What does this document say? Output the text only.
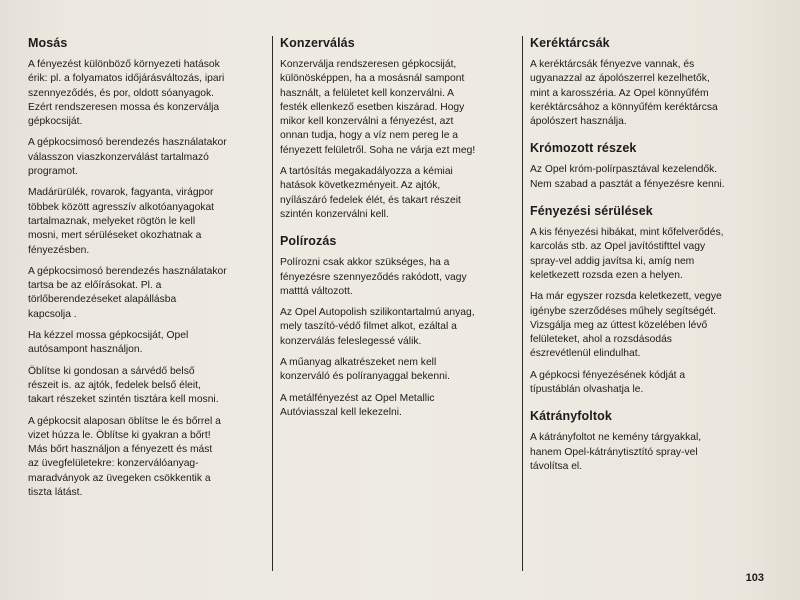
Mosás

A fényezést különböző környezeti hatások
érik: pl. a folyamatos időjárásváltozás, ipari
szennyeződés, és por, oldott sóanyagok.
Ezért rendszeresen mossa és konzerválja
gépkocsiját.

A gépkocsimosó berendezés használatakor
válasszon viaszkonzerválást tartalmazó
programot.

Madárürülék, rovarok, fagyanta, virágpor
többek között agresszív alkotóanyagokat
tartalmaznak, melyeket rögtön le kell
mosni, mert sérüléseket okozhatnak a
fényezésben.

A gépkocsimosó berendezés használatakor
tartsa be az előírásokat. Pl. a
törlőberendezéseket alapállásba
kapcsolja .

Ha kézzel mossa gépkocsiját, Opel
autósampont használjon.

Öblítse ki gondosan a sárvédő belső
részeit is. az ajtók, fedelek belső éleit,
takart részeket szintén tisztára kell mosni.

A gépkocsit alaposan öblítse le és bőrrel a
vizet húzza le. Öblítse ki gyakran a bőrt!
Más bőrt használjon a fényezett és mást
az üvegfelületekre: konzerválóanyag-
maradványok az üvegeken csökkentik a
tiszta látást.

Konzerválás

Konzerválja rendszeresen gépkocsiját,
különösképpen, ha a mosásnál sampont
használt, a felületet kell konzerválni. A
festék ellenkező esetben kiszárad. Hogy
mikor kell konzerválni a fényezést, azt
onnan tudja, hogy a víz nem pereg le a
fényezett felületről. Soha ne várja ezt meg!

A tartósítás megakadályozza a kémiai
hatások következményeit. Az ajtók,
nyílászáró fedelek élét, és takart részeit
szintén konzerválni kell.

Polírozás

Polírozni csak akkor szükséges, ha a
fényezésre szennyeződés rakódott, vagy
matttá változott.

Az Opel Autopolish szilikontartalmú anyag,
mely taszító-védő filmet alkot, ezáltal a
konzerválás feleslegessé válik.

A műanyag alkatrészeket nem kell
konzerváló és políranyaggal bekenni.

A metálfényezést az Opel Metallic
Autóviasszal kell lekezelni.

Keréktárcsák

A keréktárcsák fényezve vannak, és
ugyanazzal az ápolószerrel kezelhetők,
mint a karosszéria. Az Opel könnyűfém
keréktárcsához a könnyűfém keréktárcsa
ápolószert használja.

Krómozott részek

Az Opel króm-polírpasztával kezelendők.
Nem szabad a pasztát a fényezésre kenni.

Fényezési sérülések

A kis fényezési hibákat, mint kőfelverődés,
karcolás stb. az Opel javítóstifttel vagy
spray-vel addig javítsa ki, amíg nem
keletkezett rozsda ezen a helyen.

Ha már egyszer rozsda keletkezett, vegye
igénybe szerződéses műhely segítségét.
Vizsgálja meg az úttest közelében lévő
felületeket, ahol a rozsdásodás
észrevétlenül elindulhat.

A gépkocsi fényezésének kódját a
típustáblán olvashatja le.

Kátrányfoltok

A kátrányfoltot ne kemény tárgyakkal,
hanem Opel-kátránytisztító spray-vel
távolítsa el.

103
